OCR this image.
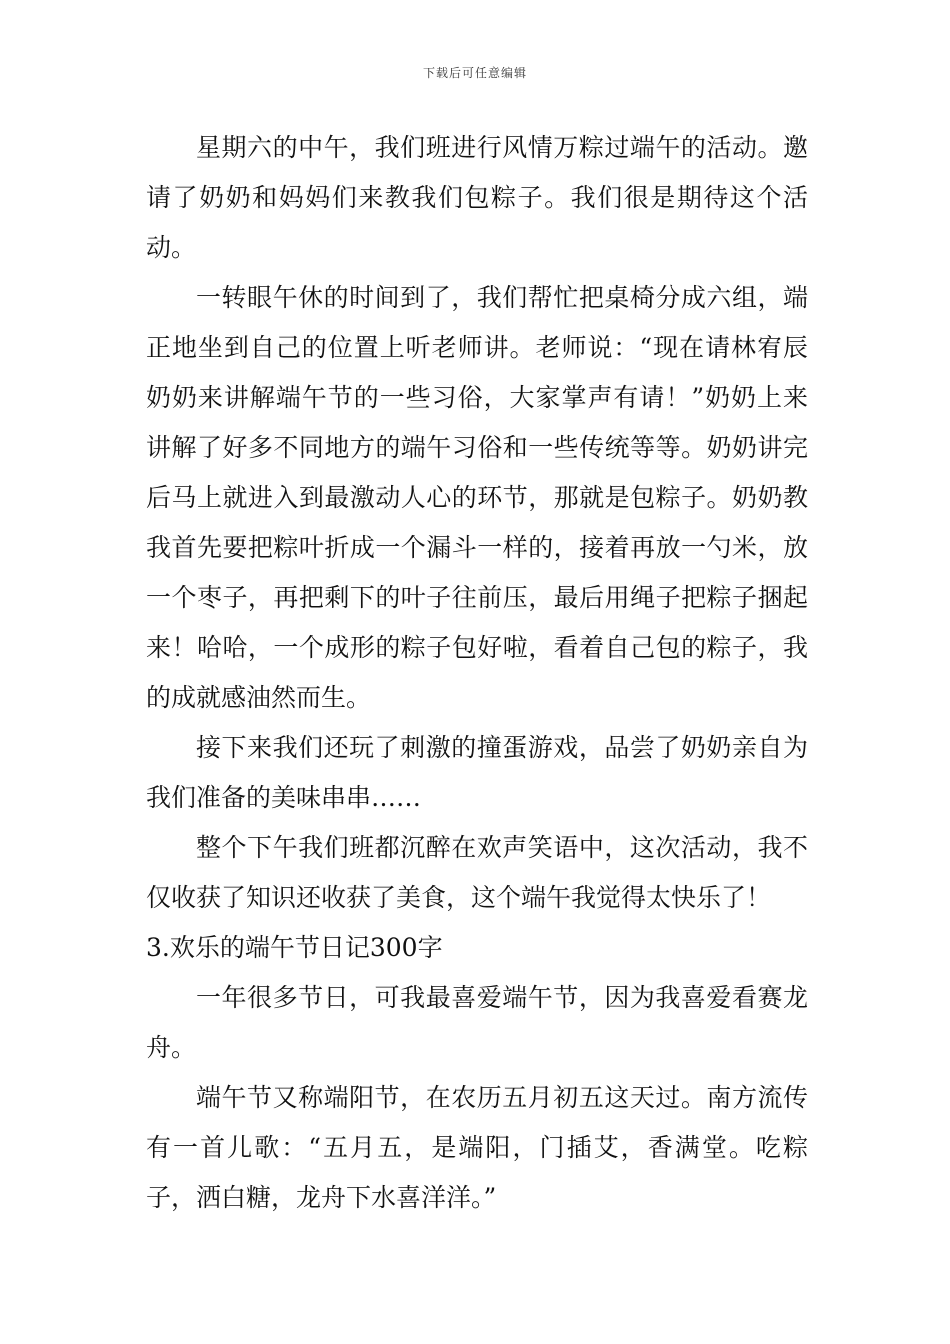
下载后可任意编辑

星期六的中午，我们班进行风情万粽过端午的活动。邀请了奶奶和妈妈们来教我们包粽子。我们很是期待这个活动。

一转眼午休的时间到了，我们帮忙把桌椅分成六组，端正地坐到自己的位置上听老师讲。老师说：“现在请林宥辰奶奶来讲解端午节的一些习俗，大家掌声有请！”奶奶上来讲解了好多不同地方的端午习俗和一些传统等等。奶奶讲完后马上就进入到最激动人心的环节，那就是包粽子。奶奶教我首先要把粽叶折成一个漏斗一样的，接着再放一勺米，放一个枣子，再把剩下的叶子往前压，最后用绳子把粽子捆起来！哈哈，一个成形的粽子包好啦，看着自己包的粽子，我的成就感油然而生。

接下来我们还玩了刺激的撞蛋游戏，品尝了奶奶亲自为我们准备的美味串串……

整个下午我们班都沉醉在欢声笑语中，这次活动，我不仅收获了知识还收获了美食，这个端午我觉得太快乐了！

3.欢乐的端午节日记300字

一年很多节日，可我最喜爱端午节，因为我喜爱看赛龙舟。

端午节又称端阳节，在农历五月初五这天过。南方流传有一首儿歌：“五月五，是端阳，门插艾，香满堂。吃粽子，洒白糖，龙舟下水喜洋洋。”
